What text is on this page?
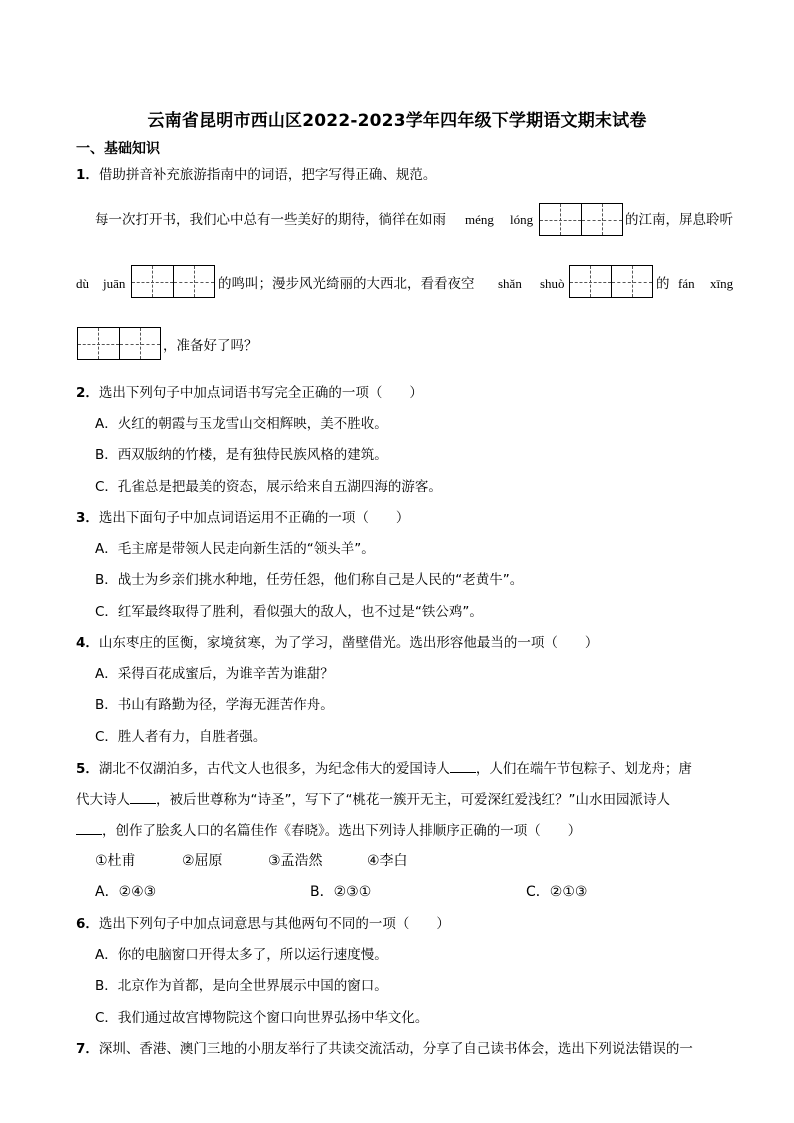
云南省昆明市西山区2022-2023学年四年级下学期语文期末试卷
一、基础知识
1．借助拼音补充旅游指南中的词语，把字写得正确、规范。
每一次打开书，我们心中总有一些美好的期待，徜徉在如雨 méng lóng	的江南，屏息聆听
dù juān	的鸣叫；漫步风光绮丽的大西北，看看夜空 shǎn shuò	的 fán xīng
，准备好了吗？
2．选出下列句子中加点词语书写完全正确的一项（　　）
A．火红的朝霞与玉龙雪山交相辉映，美不胜收。
B．西双版纳的竹楼，是有独侍民族风格的建筑。
C．孔雀总是把最美的资态，展示给来自五湖四海的游客。
3．选出下面句子中加点词语运用不正确的一项（　　）
A．毛主席是带领人民走向新生活的“领头羊”。
B．战士为乡亲们挑水种地，任劳任怨，他们称自己是人民的“老黄牛”。
C．红军最终取得了胜利，看似强大的敌人，也不过是“铁公鸡”。
4．山东枣庄的匡衡，家境贫寒，为了学习，凿壁借光。选出形容他最当的一项（　　）
A．采得百花成蜜后，为谁辛苦为谁甜？
B．书山有路勤为径，学海无涯苦作舟。
C．胜人者有力，自胜者强。
5．湖北不仅湖泊多，古代文人也很多，为纪念伟大的爱国诗人 ，人们在端午节包粽子、划龙舟；唐
代大诗人 ，被后世尊称为“诗圣”，写下了“桃花一簇开无主，可爱深红爱浅红？”山水田园派诗人
，创作了脍炙人口的名篇佳作《春晓》。选出下列诗人排顺序正确的一项（　　）
①杜甫	②屈原	③孟浩然	④李白
A．②④③	B．②③①	C．②①③
6．选出下列句子中加点词意思与其他两句不同的一项（　　）
A．你的电脑窗口开得太多了，所以运行速度慢。
B．北京作为首都，是向全世界展示中国的窗口。
C．我们通过故宫博物院这个窗口向世界弘扬中华文化。
7．深圳、香港、澳门三地的小朋友举行了共读交流活动，分享了自己读书体会，选出下列说法错误的一
